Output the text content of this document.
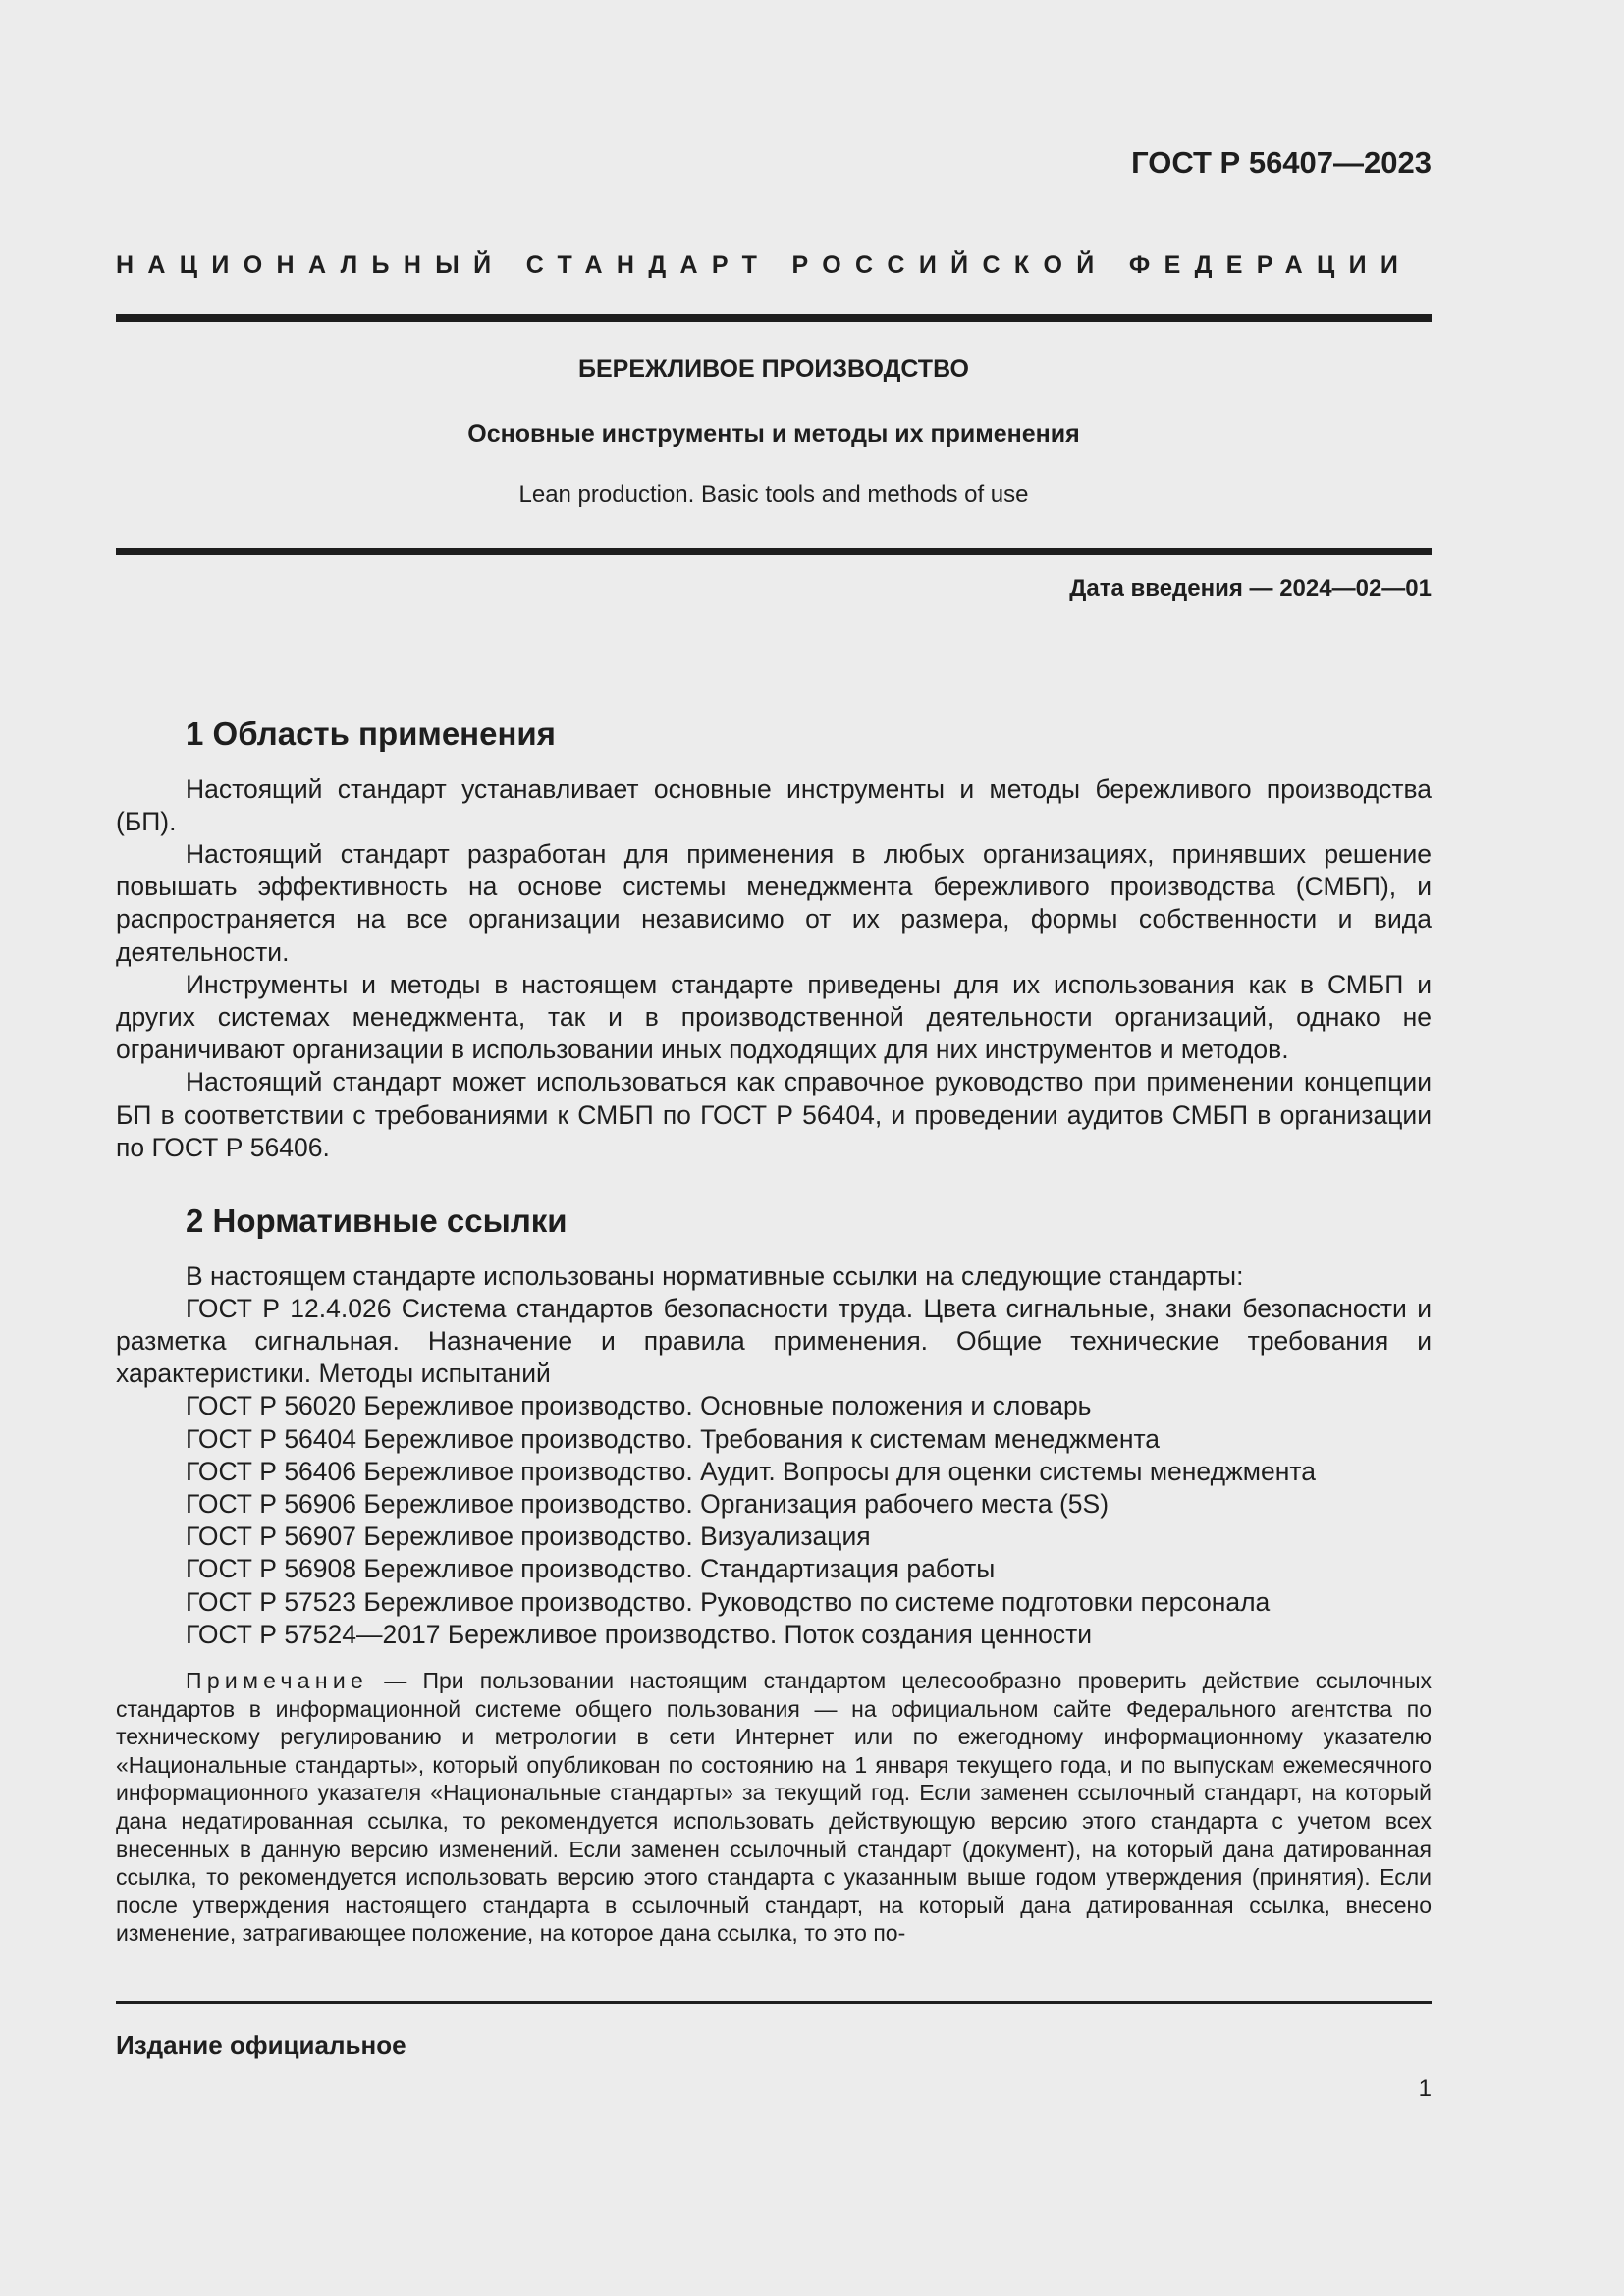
ГОСТ Р 56407—2023

НАЦИОНАЛЬНЫЙ СТАНДАРТ РОССИЙСКОЙ ФЕДЕРАЦИИ

БЕРЕЖЛИВОЕ ПРОИЗВОДСТВО

Основные инструменты и методы их применения

Lean production. Basic tools and methods of use

Дата введения — 2024—02—01

1 Область применения

Настоящий стандарт устанавливает основные инструменты и методы бережливого производства (БП).

Настоящий стандарт разработан для применения в любых организациях, принявших решение повышать эффективность на основе системы менеджмента бережливого производства (СМБП), и распространяется на все организации независимо от их размера, формы собственности и вида деятельности.

Инструменты и методы в настоящем стандарте приведены для их использования как в СМБП и других системах менеджмента, так и в производственной деятельности организаций, однако не ограничивают организации в использовании иных подходящих для них инструментов и методов.

Настоящий стандарт может использоваться как справочное руководство при применении концепции БП в соответствии с требованиями к СМБП по ГОСТ Р 56404, и проведении аудитов СМБП в организации по ГОСТ Р 56406.

2 Нормативные ссылки

В настоящем стандарте использованы нормативные ссылки на следующие стандарты:

ГОСТ Р 12.4.026 Система стандартов безопасности труда. Цвета сигнальные, знаки безопасности и разметка сигнальная. Назначение и правила применения. Общие технические требования и характеристики. Методы испытаний

ГОСТ Р 56020 Бережливое производство. Основные положения и словарь

ГОСТ Р 56404 Бережливое производство. Требования к системам менеджмента

ГОСТ Р 56406 Бережливое производство. Аудит. Вопросы для оценки системы менеджмента

ГОСТ Р 56906 Бережливое производство. Организация рабочего места (5S)

ГОСТ Р 56907 Бережливое производство. Визуализация

ГОСТ Р 56908 Бережливое производство. Стандартизация работы

ГОСТ Р 57523 Бережливое производство. Руководство по системе подготовки персонала

ГОСТ Р 57524—2017 Бережливое производство. Поток создания ценности

Примечание — При пользовании настоящим стандартом целесообразно проверить действие ссылочных стандартов в информационной системе общего пользования — на официальном сайте Федерального агентства по техническому регулированию и метрологии в сети Интернет или по ежегодному информационному указателю «Национальные стандарты», который опубликован по состоянию на 1 января текущего года, и по выпускам ежемесячного информационного указателя «Национальные стандарты» за текущий год. Если заменен ссылочный стандарт, на который дана недатированная ссылка, то рекомендуется использовать действующую версию этого стандарта с учетом всех внесенных в данную версию изменений. Если заменен ссылочный стандарт (документ), на который дана датированная ссылка, то рекомендуется использовать версию этого стандарта с указанным выше годом утверждения (принятия). Если после утверждения настоящего стандарта в ссылочный стандарт, на который дана датированная ссылка, внесено изменение, затрагивающее положение, на которое дана ссылка, то это по-

Издание официальное

1
